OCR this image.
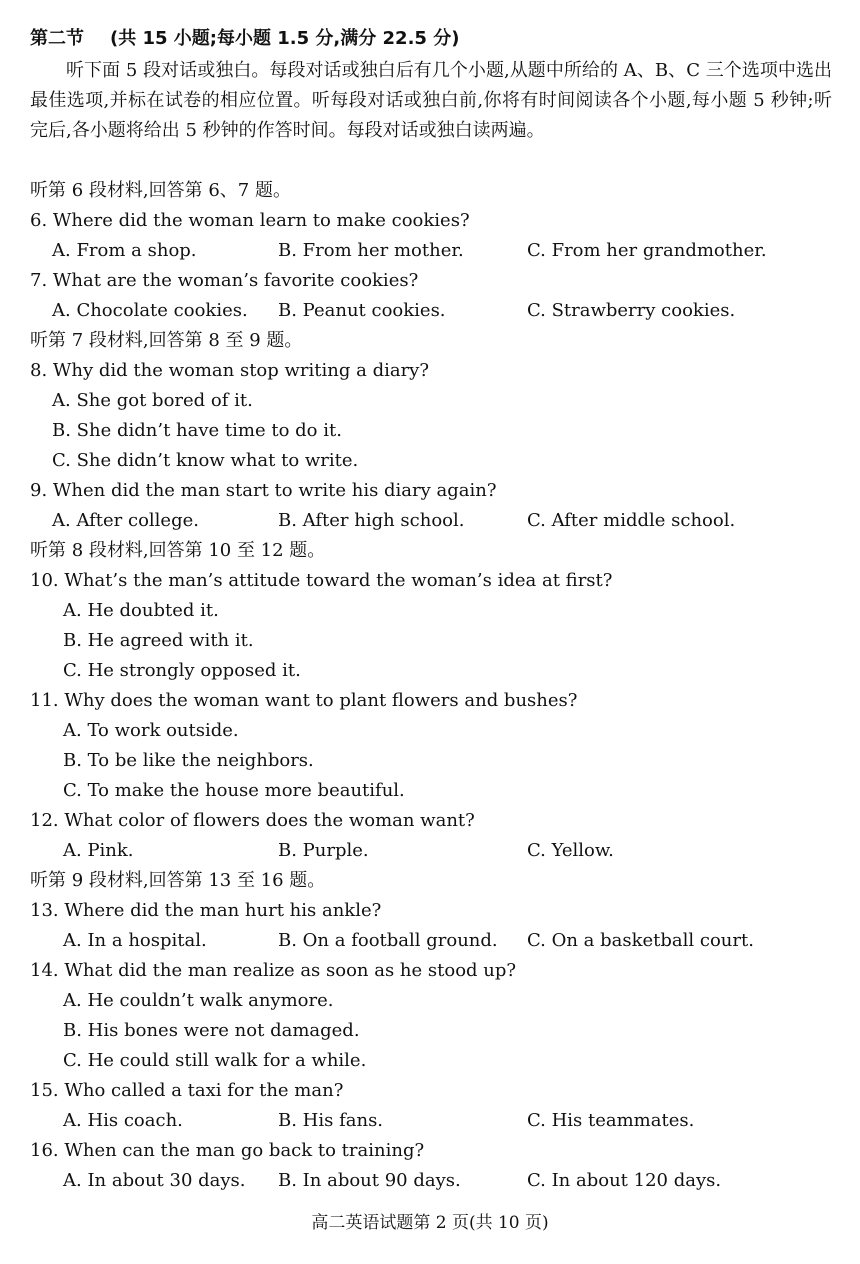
第二节 (共 15 小题;每小题 1.5 分,满分 22.5 分)
听下面 5 段对话或独白。每段对话或独白后有几个小题,从题中所给的 A、B、C 三个选项中选出最佳选项,并标在试卷的相应位置。听每段对话或独白前,你将有时间阅读各个小题,每小题 5 秒钟;听完后,各小题将给出 5 秒钟的作答时间。每段对话或独白读两遍。
听第 6 段材料,回答第 6、7 题。
6. Where did the woman learn to make cookies?
A. From a shop.	B. From her mother.	C. From her grandmother.
7. What are the woman’s favorite cookies?
A. Chocolate cookies. B. Peanut cookies.	C. Strawberry cookies.
听第 7 段材料,回答第 8 至 9 题。
8. Why did the woman stop writing a diary?
A. She got bored of it.
B. She didn’t have time to do it.
C. She didn’t know what to write.
9. When did the man start to write his diary again?
A. After college.	B. After high school.	C. After middle school.
听第 8 段材料,回答第 10 至 12 题。
10. What’s the man’s attitude toward the woman’s idea at first?
A. He doubted it.
B. He agreed with it.
C. He strongly opposed it.
11. Why does the woman want to plant flowers and bushes?
A. To work outside.
B. To be like the neighbors.
C. To make the house more beautiful.
12. What color of flowers does the woman want?
A. Pink.	B. Purple.	C. Yellow.
听第 9 段材料,回答第 13 至 16 题。
13. Where did the man hurt his ankle?
A. In a hospital.	B. On a football ground. C. On a basketball court.
14. What did the man realize as soon as he stood up?
A. He couldn’t walk anymore.
B. His bones were not damaged.
C. He could still walk for a while.
15. Who called a taxi for the man?
A. His coach.	B. His fans.	C. His teammates.
16. When can the man go back to training?
A. In about 30 days. B. In about 90 days.	C. In about 120 days.
高二英语试题第 2 页(共 10 页)
